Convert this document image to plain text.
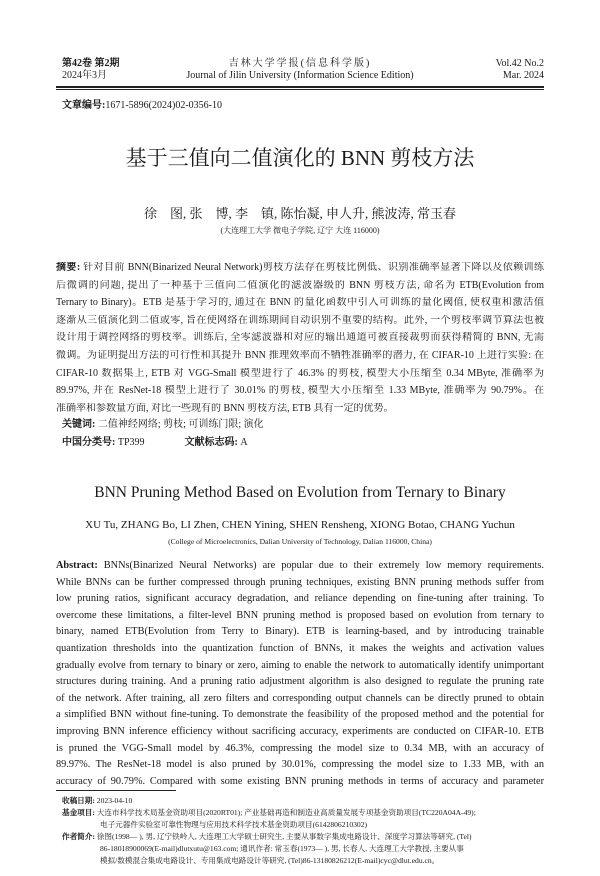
第42卷 第2期
2024年3月
吉林大学学报(信息科学版)
Journal of Jilin University (Information Science Edition)
Vol.42 No.2
Mar. 2024
文章编号:1671-5896(2024)02-0356-10
基于三值向二值演化的 BNN 剪枝方法
徐　图, 张　博, 李　镇, 陈怡凝, 申人升, 熊波涛, 常玉春
(大连理工大学 微电子学院, 辽宁 大连 116000)
摘要: 针对目前 BNN(Binarized Neural Network)剪枝方法存在剪枝比例低、识别准确率显著下降以及依赖训练
后微调的问题, 提出了一种基于三值向二值演化的滤波器级的 BNN 剪枝方法, 命名为 ETB(Evolution from
Ternary to Binary)。ETB 是基于学习的, 通过在 BNN 的量化函数中引入可训练的量化阈值, 使权重和激活值
逐渐从三值演化到二值或零, 旨在使网络在训练期间自动识别不重要的结构。此外, 一个剪枝率调节算法也被
设计用于调控网络的剪枝率。训练后, 全零滤波器和对应的输出通道可被直接裁剪而获得精简的 BNN, 无需
微调。为证明提出方法的可行性和其提升 BNN 推理效率而不牺牲准确率的潜力, 在 CIFAR-10 上进行实验: 在
CIFAR-10 数据集上, ETB 对 VGG-Small 模型进行了 46.3% 的剪枝, 模型大小压缩至 0.34 MByte, 准确率为
89.97%, 并在 ResNet-18 模型上进行了 30.01% 的剪枝, 模型大小压缩至 1.33 MByte, 准确率为 90.79%。在
准确率和参数量方面, 对比一些现有的 BNN 剪枝方法, ETB 具有一定的优势。
关键词: 二值神经网络; 剪枝; 可训练门限; 演化
中国分类号: TP399	文献标志码: A
BNN Pruning Method Based on Evolution from Ternary to Binary
XU Tu, ZHANG Bo, LI Zhen, CHEN Yining, SHEN Rensheng, XIONG Botao, CHANG Yuchun
(College of Microelectronics, Dalian University of Technology, Dalian 116000, China)
Abstract: BNNs(Binarized Neural Networks) are popular due to their extremely low memory requirements.
While BNNs can be further compressed through pruning techniques, existing BNN pruning methods suffer from
low pruning ratios, significant accuracy degradation, and reliance depending on fine-tuning after training. To
overcome these limitations, a filter-level BNN pruning method is proposed based on evolution from ternary to
binary, named ETB(Evolution from Terry to Binary). ETB is learning-based, and by introducing trainable
quantization thresholds into the quantization function of BNNs, it makes the weights and activation values
gradually evolve from ternary to binary or zero, aiming to enable the network to automatically identify unimportant
structures during training. And a pruning ratio adjustment algorithm is also designed to regulate the pruning rate
of the network. After training, all zero filters and corresponding output channels can be directly pruned to obtain
a simplified BNN without fine-tuning. To demonstrate the feasibility of the proposed method and the potential for
improving BNN inference efficiency without sacrificing accuracy, experiments are conducted on CIFAR-10. ETB
is pruned the VGG-Small model by 46.3%, compressing the model size to 0.34 MB, with an accuracy of
89.97%. The ResNet-18 model is also pruned by 30.01%, compressing the model size to 1.33 MB, with an
accuracy of 90.79%. Compared with some existing BNN pruning methods in terms of accuracy and parameter
收稿日期: 2023-04-10
基金项目: 大连市科学技术局基金资助项目(2020RT01); 产业基础再造和制造业高质量发展专项基金资助项目(TC220A04A-49);
电子元器件实验室可靠性物理与应用技术科学技术基金资助项目(6142806210302)
作者简介: 徐图(1998— ), 男, 辽宁铁岭人, 大连理工大学硕士研究生, 主要从事数字集成电路设计、深度学习算法等研究, (Tel)
86-18018900069(E-mail)dlutxutu@163.com; 通讯作者: 常玉春(1973— ), 男, 长春人, 大连理工大学教授, 主要从事
模拟/数模混合集成电路设计、专用集成电路设计等研究, (Tel)86-13180826212(E-mail)cyc@dlut.edu.cn。
